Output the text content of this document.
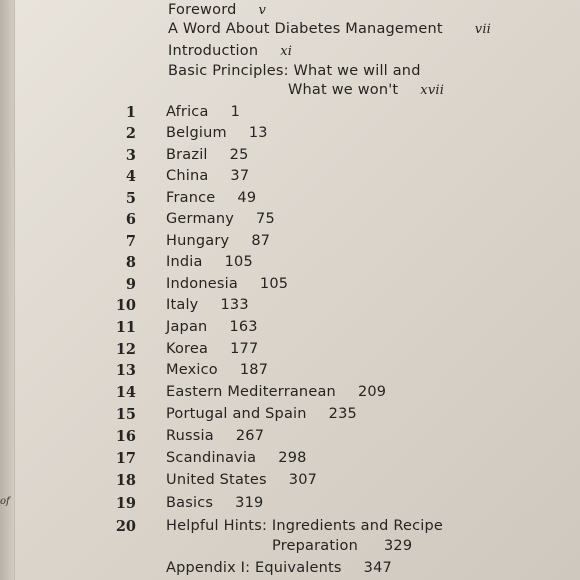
of
Foreword v
A Word About Diabetes Management vii
Introduction xi
Basic Principles: What we will and
What we won't xvii
1 Africa 1
2 Belgium 13
3 Brazil 25
4 China 37
5 France 49
6 Germany 75
7 Hungary 87
8 India 105
9 Indonesia 105
10 Italy 133
11 Japan 163
12 Korea 177
13 Mexico 187
14 Eastern Mediterranean 209
15 Portugal and Spain 235
16 Russia 267
17 Scandinavia 298
18 United States 307
19 Basics 319
20 Helpful Hints: Ingredients and Recipe
Preparation 329
Appendix I: Equivalents 347
